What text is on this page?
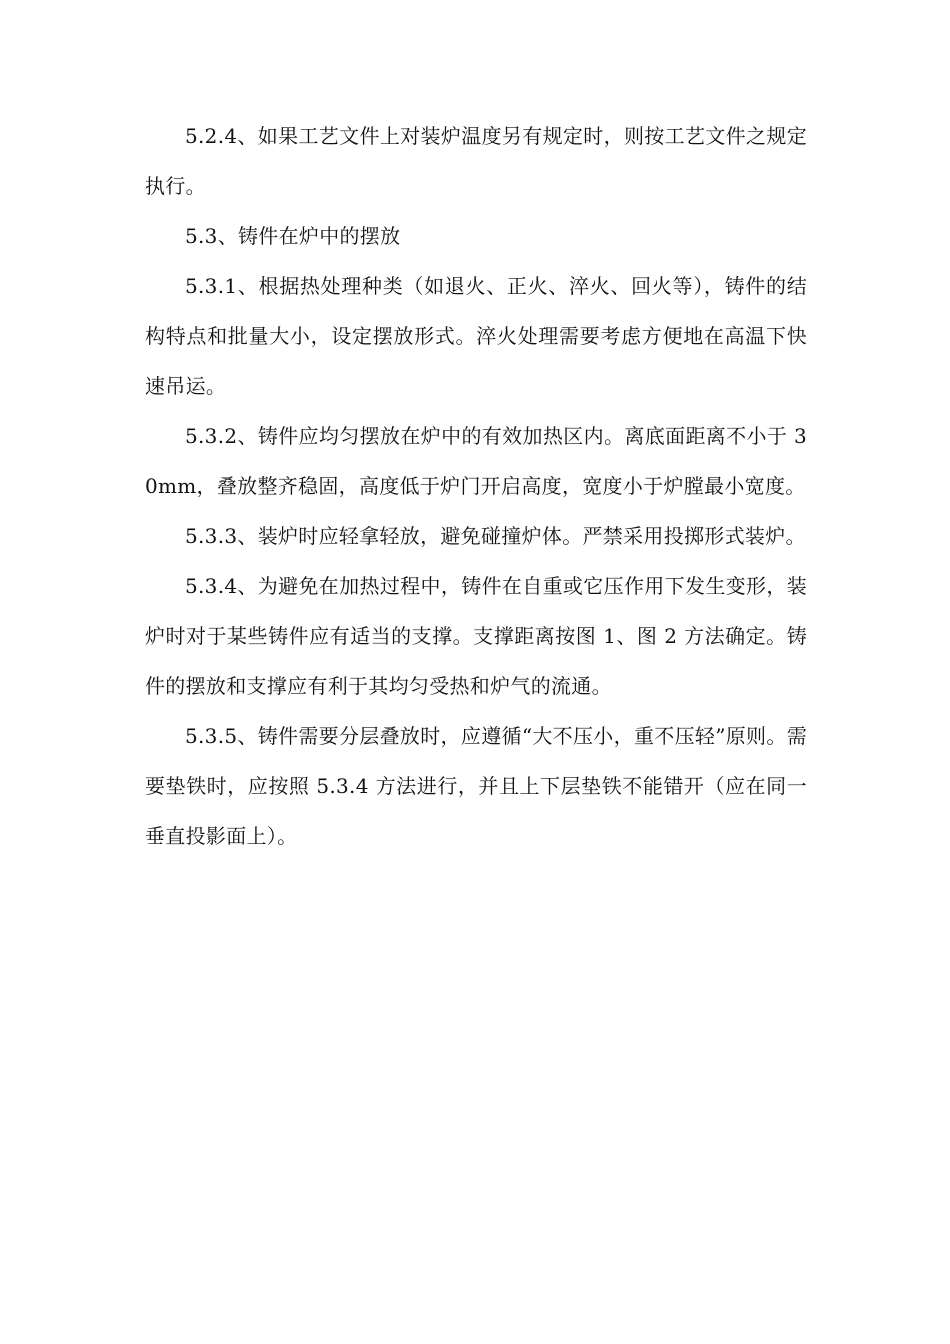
5.2.4、如果工艺文件上对装炉温度另有规定时，则按工艺文件之规定执行。

5.3、铸件在炉中的摆放

5.3.1、根据热处理种类（如退火、正火、淬火、回火等），铸件的结构特点和批量大小，设定摆放形式。淬火处理需要考虑方便地在高温下快速吊运。

5.3.2、铸件应均匀摆放在炉中的有效加热区内。离底面距离不小于 30mm，叠放整齐稳固，高度低于炉门开启高度，宽度小于炉膛最小宽度。

5.3.3、装炉时应轻拿轻放，避免碰撞炉体。严禁采用投掷形式装炉。

5.3.4、为避免在加热过程中，铸件在自重或它压作用下发生变形，装炉时对于某些铸件应有适当的支撑。支撑距离按图 1、图 2 方法确定。铸件的摆放和支撑应有利于其均匀受热和炉气的流通。

5.3.5、铸件需要分层叠放时，应遵循“大不压小，重不压轻”原则。需要垫铁时，应按照 5.3.4 方法进行，并且上下层垫铁不能错开（应在同一垂直投影面上）。
